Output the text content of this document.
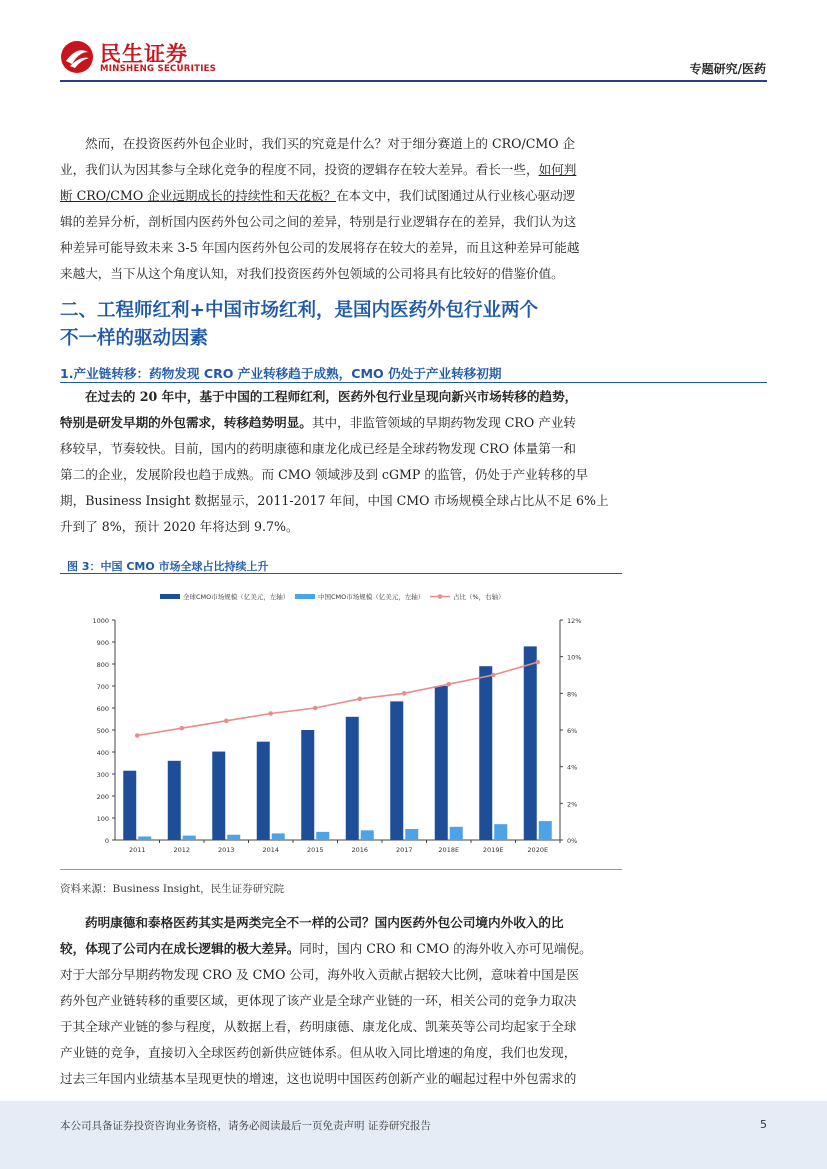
民生证券
MINSHENG SECURITIES	专题研究/医药
然而，在投资医药外包企业时，我们买的究竟是什么？对于细分赛道上的 CRO/CMO 企
业，我们认为因其参与全球化竞争的程度不同，投资的逻辑存在较大差异。看长一些，如何判
断 CRO/CMO 企业远期成长的持续性和天花板？在本文中，我们试图通过从行业核心驱动逻
辑的差异分析，剖析国内医药外包公司之间的差异，特别是行业逻辑存在的差异，我们认为这
种差异可能导致未来 3-5 年国内医药外包公司的发展将存在较大的差异，而且这种差异可能越
来越大，当下从这个角度认知，对我们投资医药外包领域的公司将具有比较好的借鉴价值。
二、工程师红利+中国市场红利，是国内医药外包行业两个
不一样的驱动因素
1.产业链转移：药物发现 CRO 产业转移趋于成熟，CMO 仍处于产业转移初期
在过去的 20 年中，基于中国的工程师红利，医药外包行业呈现向新兴市场转移的趋势，
特别是研发早期的外包需求，转移趋势明显。其中，非监管领域的早期药物发现 CRO 产业转
移较早，节奏较快。目前，国内的药明康德和康龙化成已经是全球药物发现 CRO 体量第一和
第二的企业，发展阶段也趋于成熟。而 CMO 领域涉及到 cGMP 的监管，仍处于产业转移的早
期，Business Insight 数据显示，2011-2017 年间，中国 CMO 市场规模全球占比从不足 6%上
升到了 8%，预计 2020 年将达到 9.7%。
图 3：中国 CMO 市场全球占比持续上升
全球CMO市场规模（亿美元，左轴）	中国CMO市场规模（亿美元，左轴）	占比（%，右轴）
0
100
200
300
400
500
600
700
800
900
1000
0%
2%
4%
6%
8%
10%
12%
2011	2012	2013	2014	2015	2016	2017	2018E	2019E	2020E
资料来源：Business Insight，民生证券研究院
药明康德和泰格医药其实是两类完全不一样的公司？国内医药外包公司境内外收入的比
较，体现了公司内在成长逻辑的极大差异。同时，国内 CRO 和 CMO 的海外收入亦可见端倪。
对于大部分早期药物发现 CRO 及 CMO 公司，海外收入贡献占据较大比例，意味着中国是医
药外包产业链转移的重要区域，更体现了该产业是全球产业链的一环，相关公司的竞争力取决
于其全球产业链的参与程度，从数据上看，药明康德、康龙化成、凯莱英等公司均起家于全球
产业链的竞争，直接切入全球医药创新供应链体系。但从收入同比增速的角度，我们也发现，
过去三年国内业绩基本呈现更快的增速，这也说明中国医药创新产业的崛起过程中外包需求的
本公司具备证券投资咨询业务资格，请务必阅读最后一页免责声明 证券研究报告	5
